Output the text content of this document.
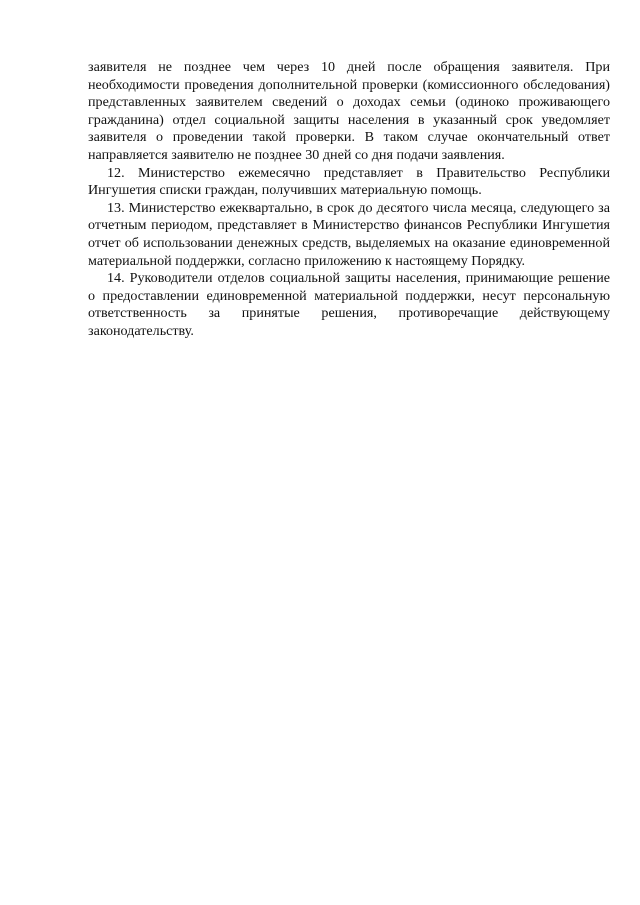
заявителя не позднее чем через 10 дней после обращения заявителя. При необходимости проведения дополнительной проверки (комиссионного обследования) представленных заявителем сведений о доходах семьи (одиноко проживающего гражданина) отдел социальной защиты населения в указанный срок уведомляет заявителя о проведении такой проверки. В таком случае окончательный ответ направляется заявителю не позднее 30 дней со дня подачи заявления.

12. Министерство ежемесячно представляет в Правительство Республики Ингушетия списки граждан, получивших материальную помощь.

13. Министерство ежеквартально, в срок до десятого числа месяца, следующего за отчетным периодом, представляет в Министерство финансов Республики Ингушетия отчет об использовании денежных средств, выделяемых на оказание единовременной материальной поддержки, согласно приложению к настоящему Порядку.

14. Руководители отделов социальной защиты населения, принимающие решение о предоставлении единовременной материальной поддержки, несут персональную ответственность за принятые решения, противоречащие действующему законодательству.
